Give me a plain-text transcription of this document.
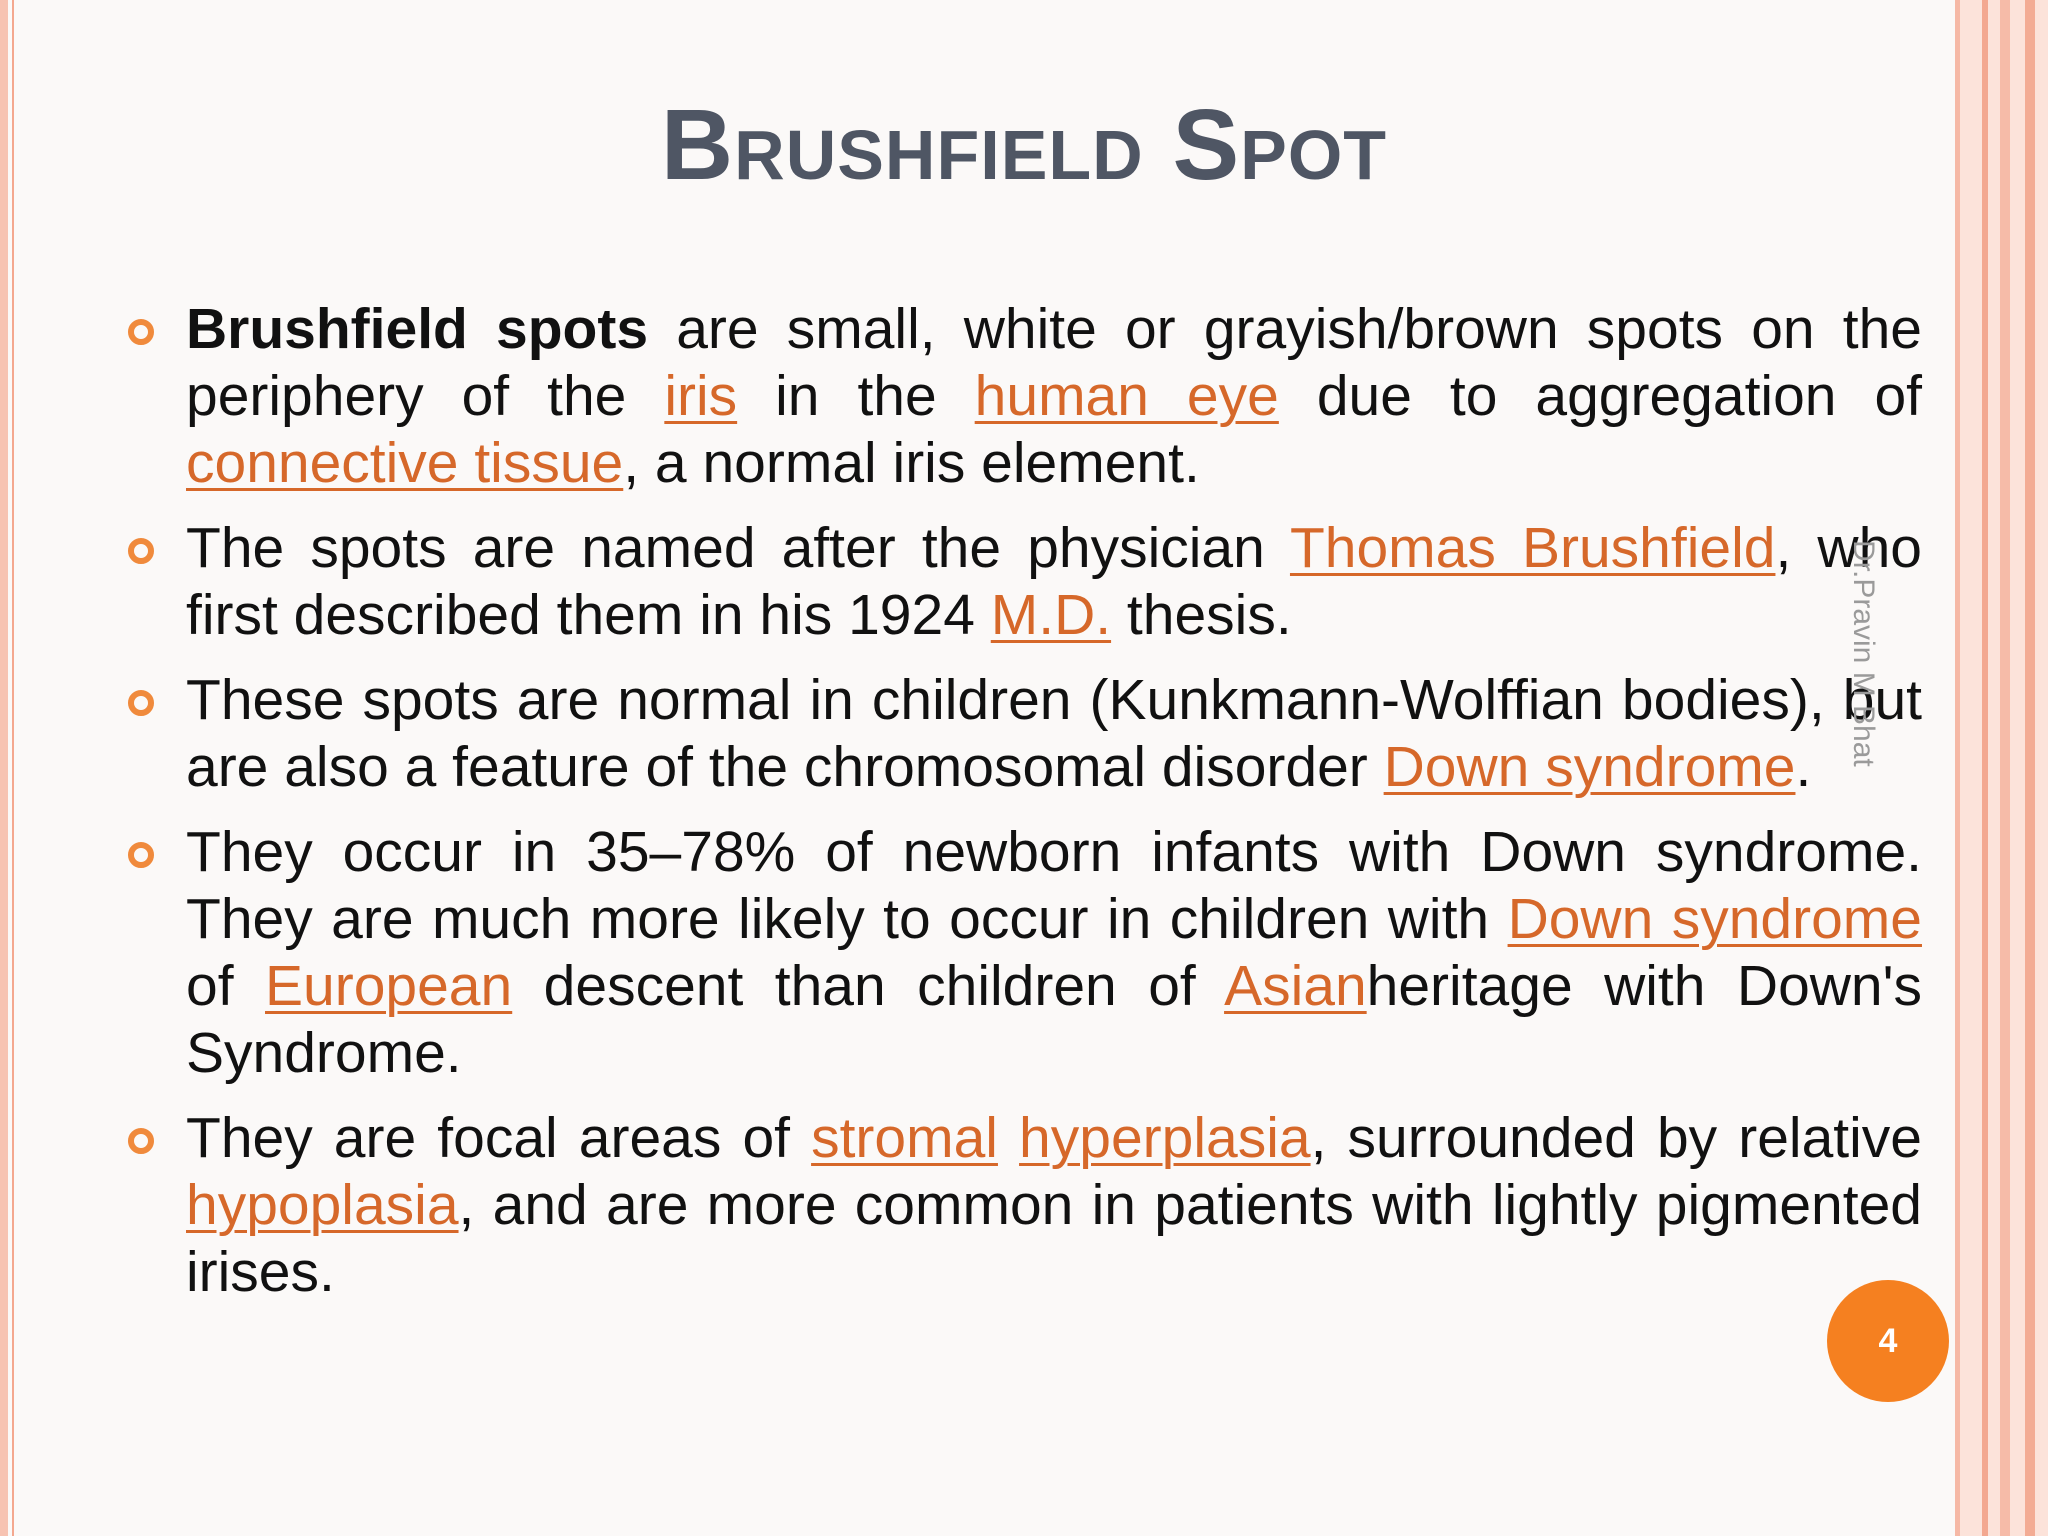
Brushfield Spot
Brushfield spots are small, white or grayish/brown spots on the periphery of the iris in the human eye due to aggregation of connective tissue, a normal iris element.
The spots are named after the physician Thomas Brushfield, who first described them in his 1924 M.D. thesis.
These spots are normal in children (Kunkmann-Wolffian bodies), but are also a feature of the chromosomal disorder Down syndrome.
They occur in 35–78% of newborn infants with Down syndrome. They are much more likely to occur in children with Down syndrome of European descent than children of Asianheritage with Down's Syndrome.
They are focal areas of stromal hyperplasia, surrounded by relative hypoplasia, and are more common in patients with lightly pigmented irises.
Dr.Pravin M Bhat
4
